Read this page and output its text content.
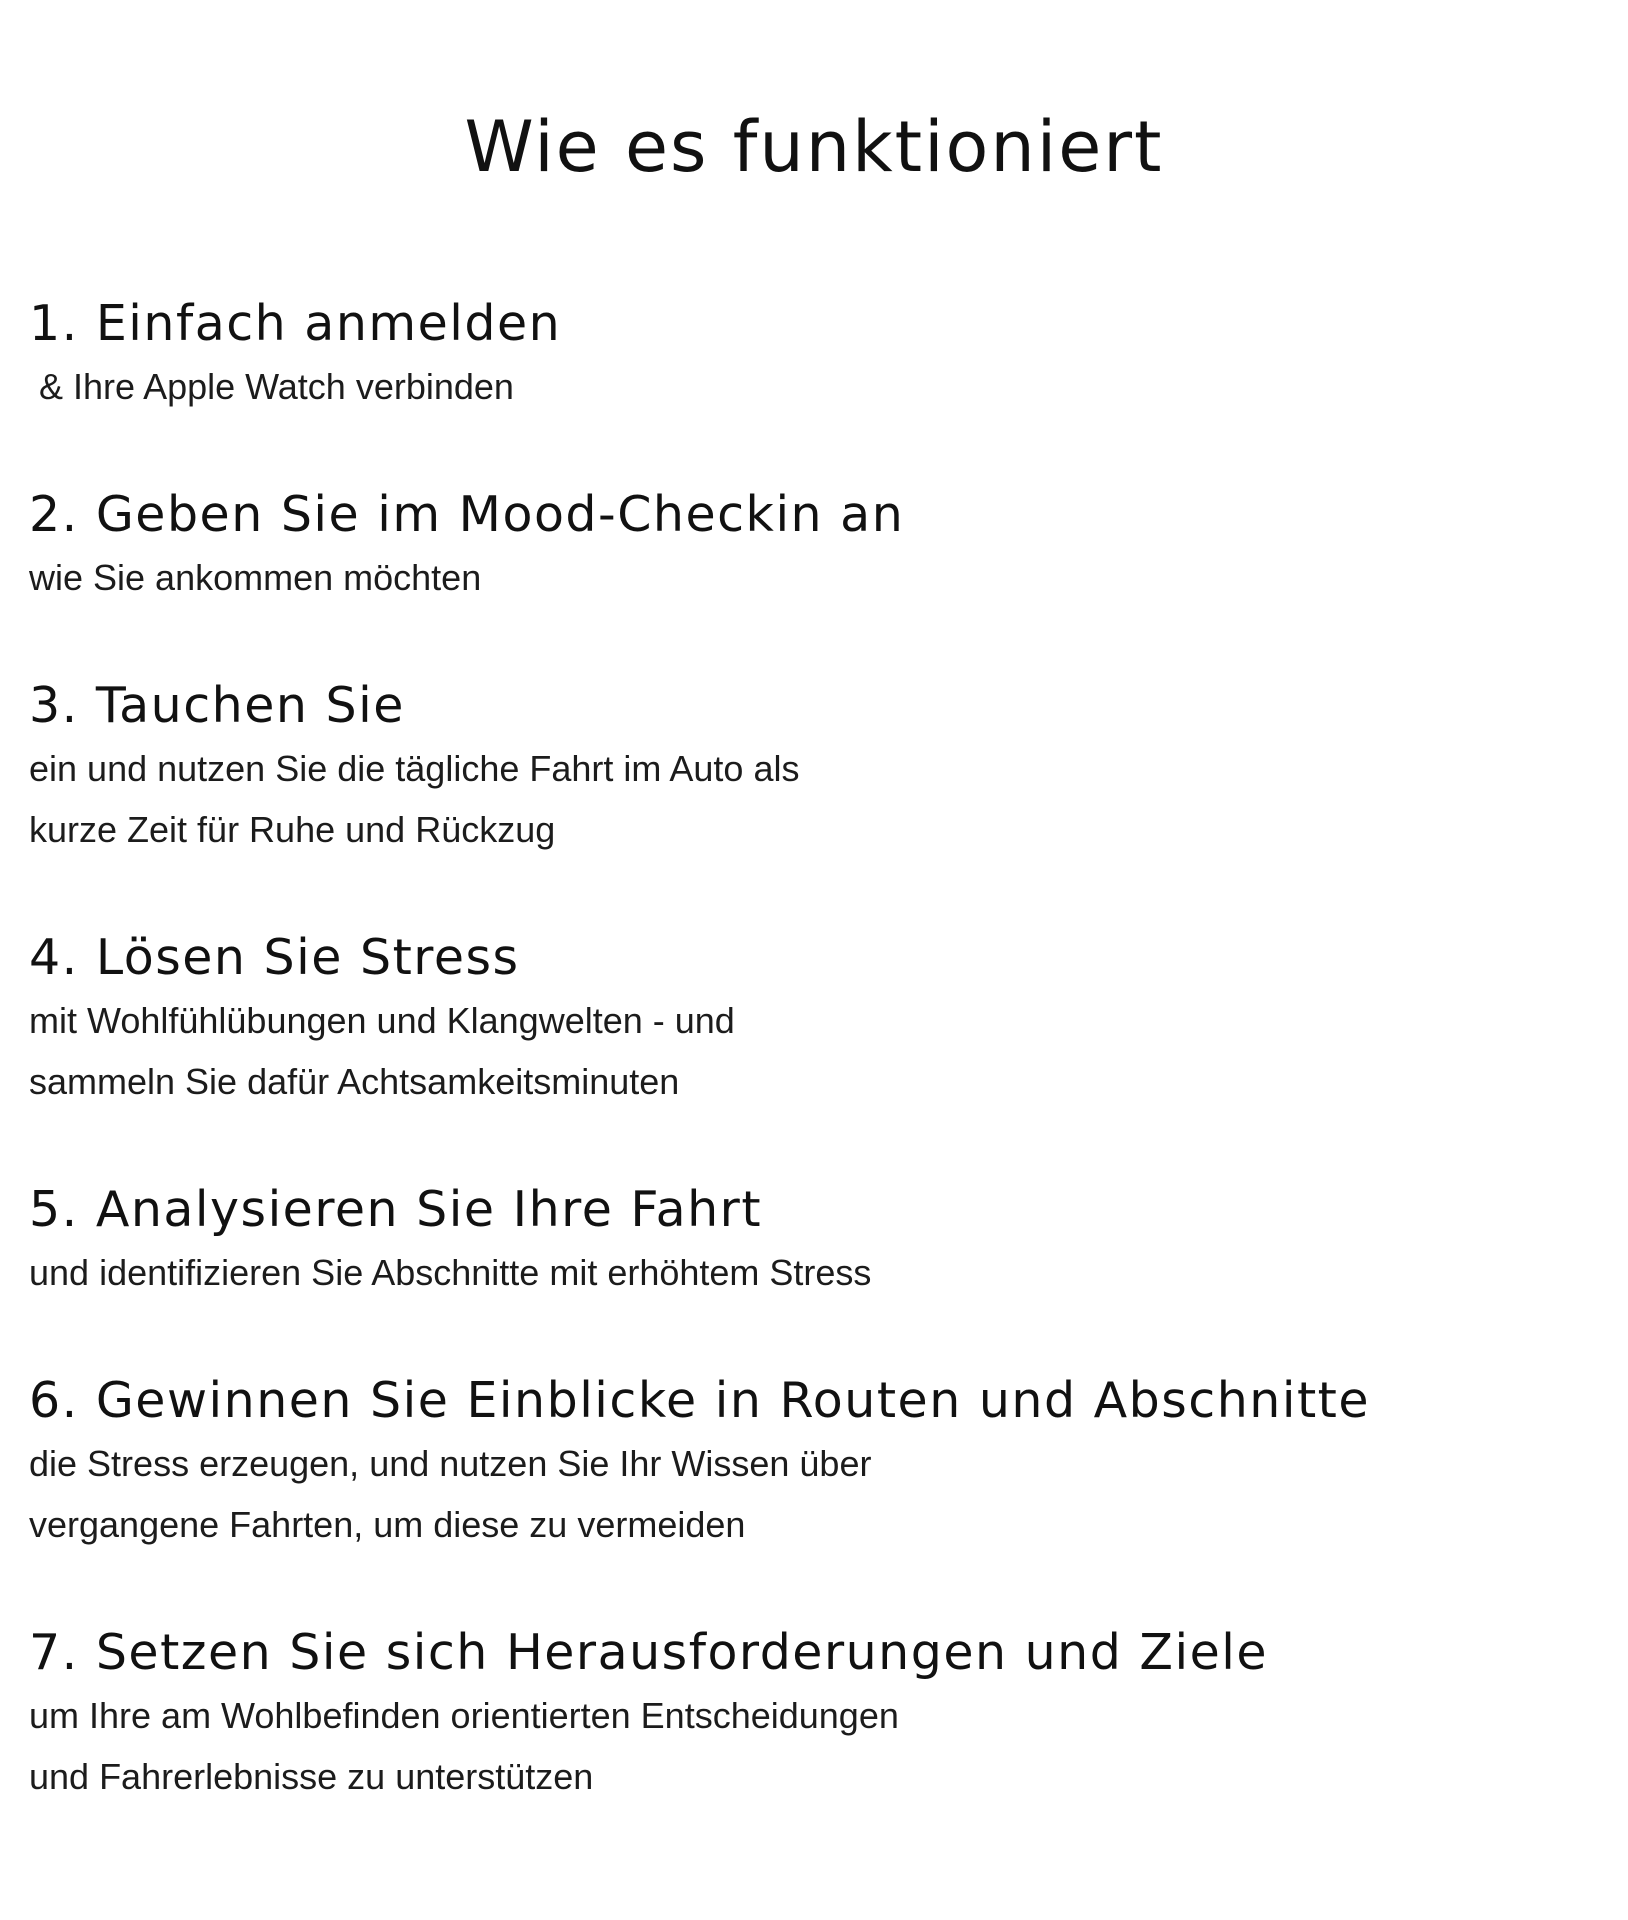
Wie es funktioniert
1. Einfach anmelden

& Ihre Apple Watch verbinden

2. Geben Sie im Mood-Checkin an

wie Sie ankommen möchten

3. Tauchen Sie

ein und nutzen Sie die tägliche Fahrt im Auto als
kurze Zeit für Ruhe und Rückzug

4. Lösen Sie Stress

mit Wohlfühlübungen und Klangwelten - und
sammeln Sie dafür Achtsamkeitsminuten

5. Analysieren Sie Ihre Fahrt

und identifizieren Sie Abschnitte mit erhöhtem Stress

6. Gewinnen Sie Einblicke in Routen und Abschnitte

die Stress erzeugen, und nutzen Sie Ihr Wissen über
vergangene Fahrten, um diese zu vermeiden

7. Setzen Sie sich Herausforderungen und Ziele

um Ihre am Wohlbefinden orientierten Entscheidungen
und Fahrerlebnisse zu unterstützen
